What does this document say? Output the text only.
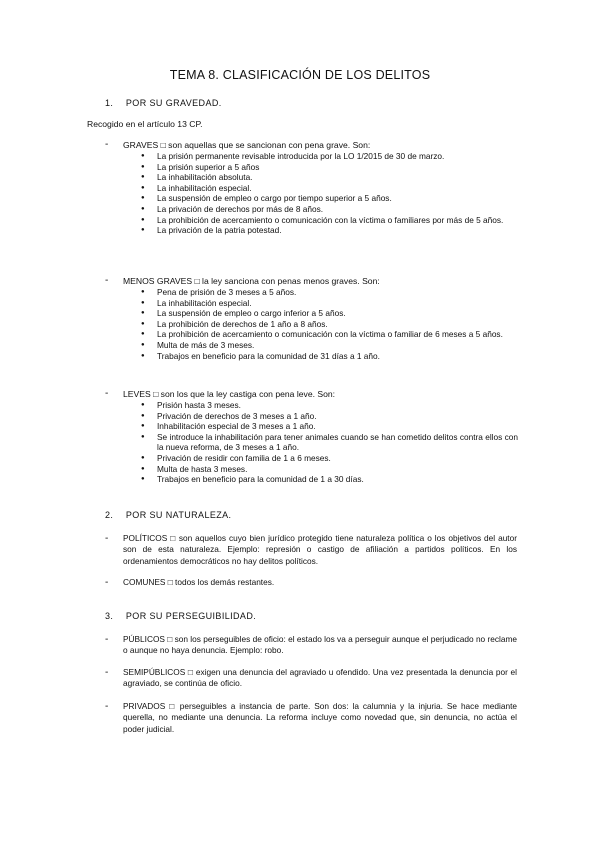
TEMA 8. CLASIFICACIÓN DE LOS DELITOS
1. POR SU GRAVEDAD.
Recogido en el artículo 13 CP.
- GRAVES □ son aquellas que se sancionan con pena grave. Son:
● La prisión permanente revisable introducida por la LO 1/2015 de 30 de marzo.
● La prisión superior a 5 años
● La inhabilitación absoluta.
● La inhabilitación especial.
● La suspensión de empleo o cargo por tiempo superior a 5 años.
● La privación de derechos por más de 8 años.
● La prohibición de acercamiento o comunicación con la víctima o familiares por más de 5 años.
● La privación de la patria potestad.
- MENOS GRAVES □ la ley sanciona con penas menos graves. Son:
● Pena de prisión de 3 meses a 5 años.
● La inhabilitación especial.
● La suspensión de empleo o cargo inferior a 5 años.
● La prohibición de derechos de 1 año a 8 años.
● La prohibición de acercamiento o comunicación con la víctima o familiar de 6 meses a 5 años.
● Multa de más de 3 meses.
● Trabajos en beneficio para la comunidad de 31 días a 1 año.
- LEVES □ son los que la ley castiga con pena leve. Son:
● Prisión hasta 3 meses.
● Privación de derechos de 3 meses a 1 año.
● Inhabilitación especial de 3 meses a 1 año.
● Se introduce la inhabilitación para tener animales cuando se han cometido delitos contra ellos con la nueva reforma, de 3 meses a 1 año.
● Privación de residir con familia de 1 a 6 meses.
● Multa de hasta 3 meses.
● Trabajos en beneficio para la comunidad de 1 a 30 días.
2. POR SU NATURALEZA.
- POLÍTICOS □ son aquellos cuyo bien jurídico protegido tiene naturaleza política o los objetivos del autor son de esta naturaleza. Ejemplo: represión o castigo de afiliación a partidos políticos. En los ordenamientos democráticos no hay delitos políticos.
- COMUNES □ todos los demás restantes.
3. POR SU PERSEGUIBILIDAD.
- PÚBLICOS □ son los perseguibles de oficio: el estado los va a perseguir aunque el perjudicado no reclame o aunque no haya denuncia. Ejemplo: robo.
- SEMIPÚBLICOS □ exigen una denuncia del agraviado u ofendido. Una vez presentada la denuncia por el agraviado, se continúa de oficio.
- PRIVADOS □ perseguibles a instancia de parte. Son dos: la calumnia y la injuria. Se hace mediante querella, no mediante una denuncia. La reforma incluye como novedad que, sin denuncia, no actúa el poder judicial.
